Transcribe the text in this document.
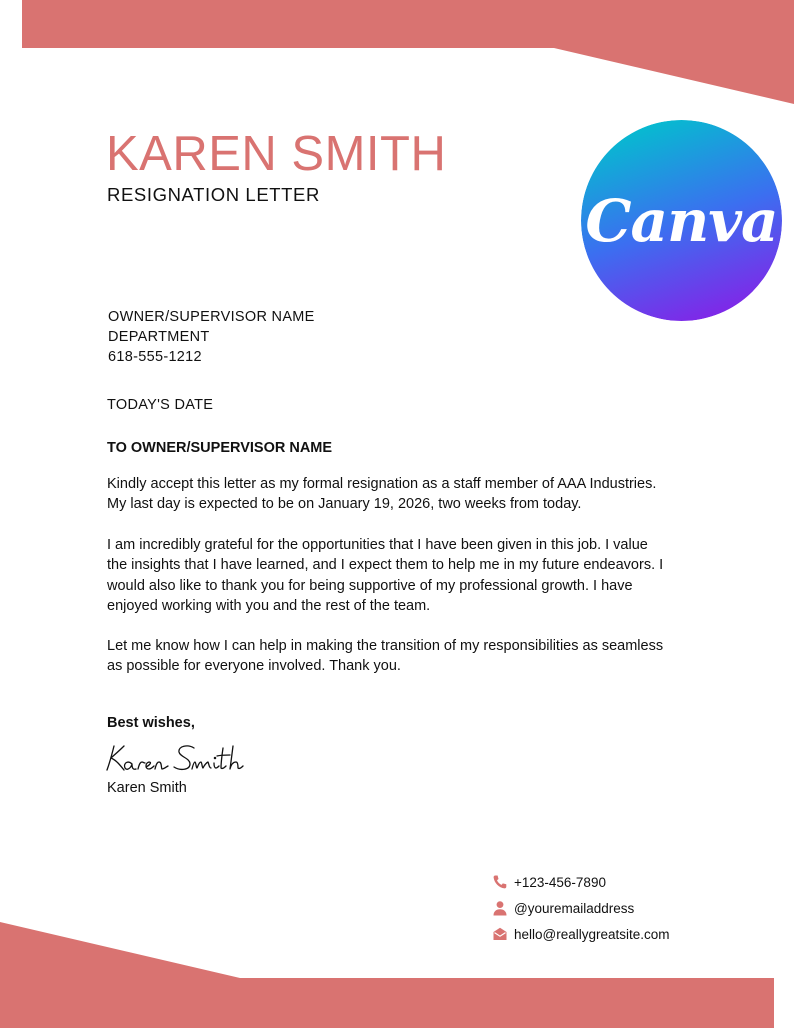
KAREN SMITH
RESIGNATION LETTER	Canva
OWNER/SUPERVISOR NAME
DEPARTMENT
618-555-1212
TODAY'S DATE
TO OWNER/SUPERVISOR NAME

Kindly accept this letter as my formal resignation as a staff member of AAA Industries. My last day is expected to be on January 19, 2026, two weeks from today.

I am incredibly grateful for the opportunities that I have been given in this job. I value the insights that I have learned, and I expect them to help me in my future endeavors. I would also like to thank you for being supportive of my professional growth. I have enjoyed working with you and the rest of the team.

Let me know how I can help in making the transition of my responsibilities as seamless as possible for everyone involved. Thank you.

Best wishes,
Karen Smith
+123-456-7890
@youremailaddress
hello@reallygreatsite.com
